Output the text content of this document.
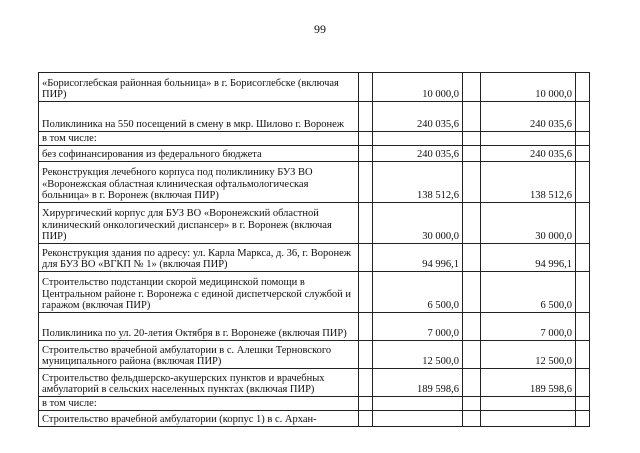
99
«Борисоглебская районная больница» в г. Борисоглебске (включая ПИР)		10 000,0		10 000,0	
Поликлиника на 550 посещений в смену в мкр. Шилово г. Воронеж		240 035,6		240 035,6	
в том числе:					
без софинансирования из федерального бюджета		240 035,6		240 035,6	
Реконструкция лечебного корпуса под поликлинику БУЗ ВО «Воронежская областная клиническая офтальмологическая больница» в г. Воронеж (включая ПИР)		138 512,6		138 512,6	
Хирургический корпус для БУЗ ВО «Воронежский областной клинический онкологический диспансер» в г. Воронеж (включая ПИР)		30 000,0		30 000,0	
Реконструкция здания по адресу: ул. Карла Маркса, д. 36, г. Воронеж для БУЗ ВО «ВГКП № 1» (включая ПИР)		94 996,1		94 996,1	
Строительство подстанции скорой медицинской помощи в Центральном районе г. Воронежа с единой диспетчерской службой и гаражом (включая ПИР)		6 500,0		6 500,0	
Поликлиника по ул. 20-летия Октября в г. Воронеже (включая ПИР)		7 000,0		7 000,0	
Строительство врачебной амбулатории в с. Алешки Терновского муниципального района (включая ПИР)		12 500,0		12 500,0	
Строительство фельдшерско-акушерских пунктов и врачебных амбулаторий в сельских населенных пунктах (включая ПИР)		189 598,6		189 598,6	
в том числе:					
Строительство врачебной амбулатории (корпус 1) в с. Архан-					
